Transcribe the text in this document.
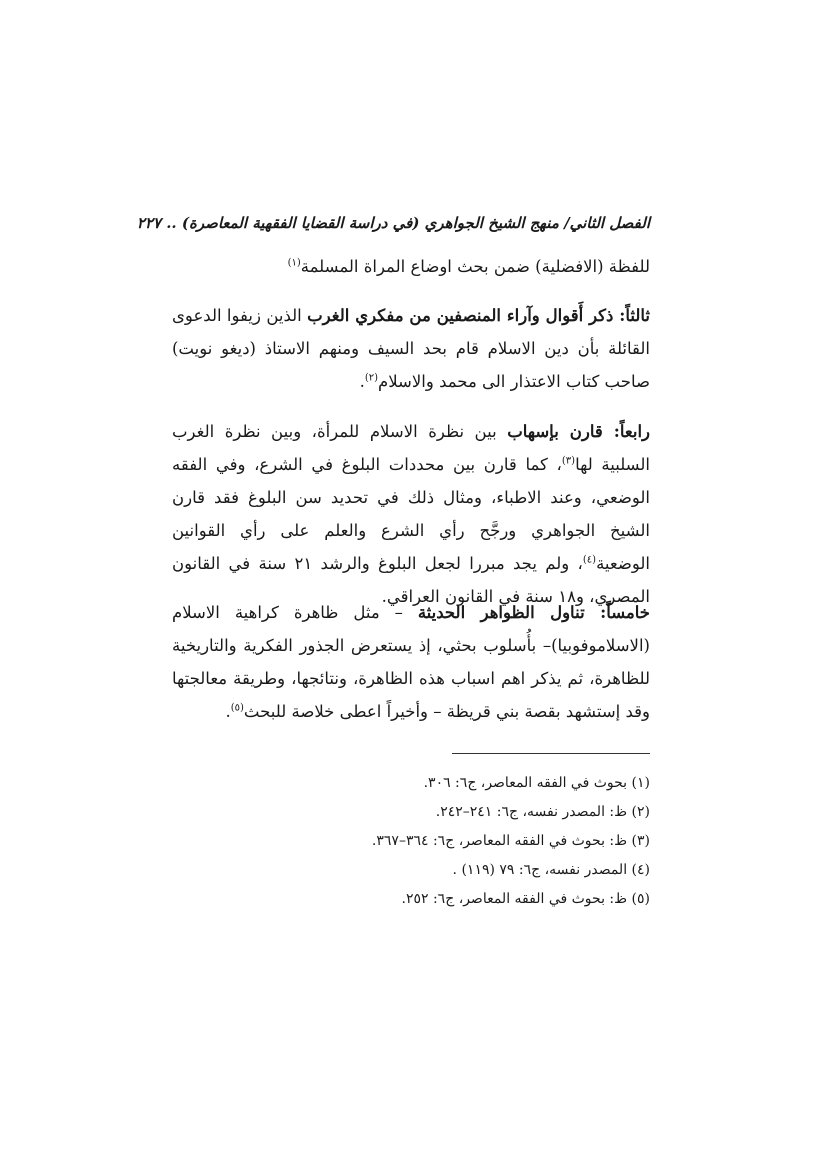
الفصل الثاني/ منهج الشيخ الجواهري (في دراسة القضايا الفقهية المعاصرة) .. ٢٢٧

للفظة (الافضلية) ضمن بحث اوضاع المراة المسلمة$^{(١)}$

ثالثاً: ذكر أَقوال وآراء المنصفين من مفكري الغرب الذين زيفوا الدعوى القائلة بأن دين الاسلام قام بحد السيف ومنهم الاستاذ (ديغو نويت) صاحب كتاب الاعتذار الى محمد والاسلام$^{(٢)}$.

رابعاً: قارن بإسهاب بين نظرة الاسلام للمرأة، وبين نظرة الغرب السلبية لها$^{(٣)}$، كما قارن بين محددات البلوغ في الشرع، وفي الفقه الوضعي، وعند الاطباء، ومثال ذلك في تحديد سن البلوغ فقد قارن الشيخ الجواهري ورجَّح رأي الشرع والعلم على رأي القوانين الوضعية$^{(٤)}$، ولم يجد مبررا لجعل البلوغ والرشد ٢١ سنة في القانون المصري، و١٨ سنة في القانون العراقي.

خامساً: تناول الظواهر الحديثة – مثل ظاهرة كراهية الاسلام (الاسلاموفوبيا)– بأُسلوب بحثي، إذ يستعرض الجذور الفكرية والتاريخية للظاهرة، ثم يذكر اهم اسباب هذه الظاهرة، ونتائجها، وطريقة معالجتها وقد إستشهد بقصة بني قريظة – وأخيراً اعطى خلاصة للبحث$^{(٥)}$.

(١) بحوث في الفقه المعاصر، ج٦: ٣٠٦.

(٢) ظ: المصدر نفسه، ج٦: ٢٤١–٢٤٢.

(٣) ظ: بحوث في الفقه المعاصر، ج٦: ٣٦٤–٣٦٧.

(٤) المصدر نفسه، ج٦: ٧٩ (١١٩) .

(٥) ظ: بحوث في الفقه المعاصر، ج٦: ٢٥٢.
